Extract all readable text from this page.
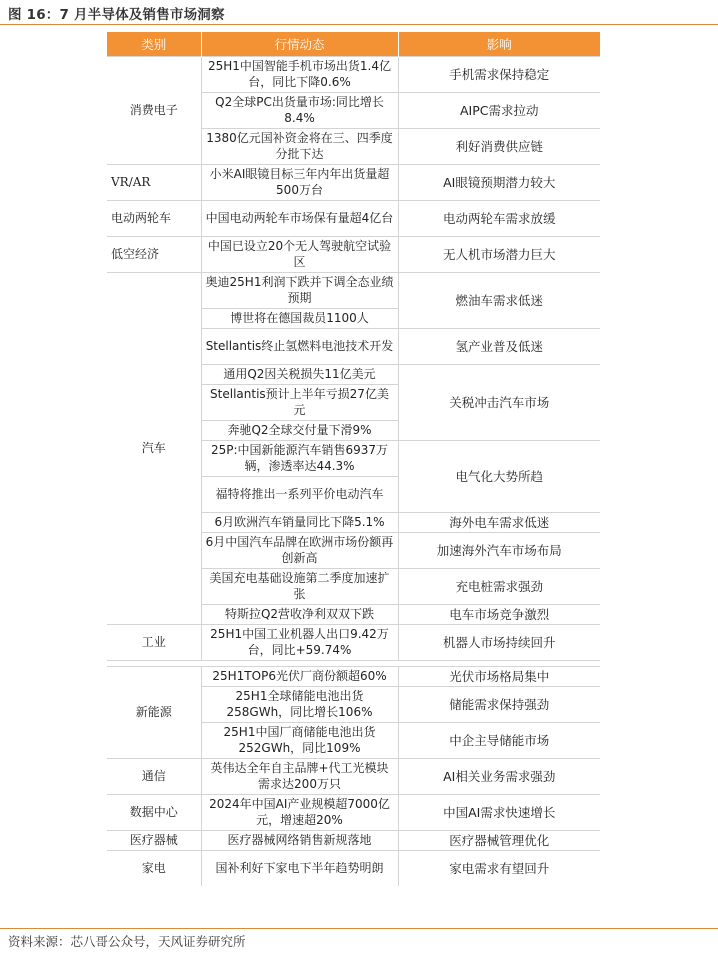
图 16：7 月半导体及销售市场洞察
类别	行情动态	影响
消费电子	25H1中国智能手机市场出货1.4亿台，同比下降0.6%	手机需求保持稳定
	Q2全球PC出货量市场:同比增长8.4%	AIPC需求拉动
	1380亿元国补资金将在三、四季度分批下达	利好消费供应链
VR/AR	小米AI眼镜目标三年内年出货量超500万台	AI眼镜预期潜力较大
电动两轮车	中国电动两轮车市场保有量超4亿台	电动两轮车需求放缓
低空经济	中国已设立20个无人驾驶航空试验区	无人机市场潜力巨大
汽车	奥迪25H1利润下跌并下调全态业绩预期	燃油车需求低迷
	博世将在德国裁员1100人	
	Stellantis终止氢燃料电池技术开发	氢产业普及低迷
	通用Q2因关税损失11亿美元	关税冲击汽车市场
	Stellantis预计上半年亏损27亿美元	
	奔驰Q2全球交付量下滑9%	
	25P:中国新能源汽车销售6937万辆，渗透率达44.3%	电气化大势所趋
	福特将推出一系列平价电动汽车	
	6月欧洲汽车销量同比下降5.1%	海外电车需求低迷
	6月中国汽车品牌在欧洲市场份额再创新高	加速海外汽车市场布局
	美国充电基础设施第二季度加速扩张	充电桩需求强劲
	特斯拉Q2营收净利双双下跌	电车市场竞争激烈
工业	25H1中国工业机器人出口9.42万台，同比+59.74%	机器人市场持续回升

新能源	25H1TOP6光伏厂商份额超60%	光伏市场格局集中
	25H1全球储能电池出货258GWh，同比增长106%	储能需求保持强劲
	25H1中国厂商储能电池出货252GWh，同比109%	中企主导储能市场
通信	英伟达全年自主品牌+代工光模块需求达200万只	AI相关业务需求强劲
数据中心	2024年中国AI产业规模超7000亿元，增速超20%	中国AI需求快速增长
医疗器械	医疗器械网络销售新规落地	医疗器械管理优化
家电	国补利好下家电下半年趋势明朗	家电需求有望回升
资料来源：芯八哥公众号，天风证券研究所
